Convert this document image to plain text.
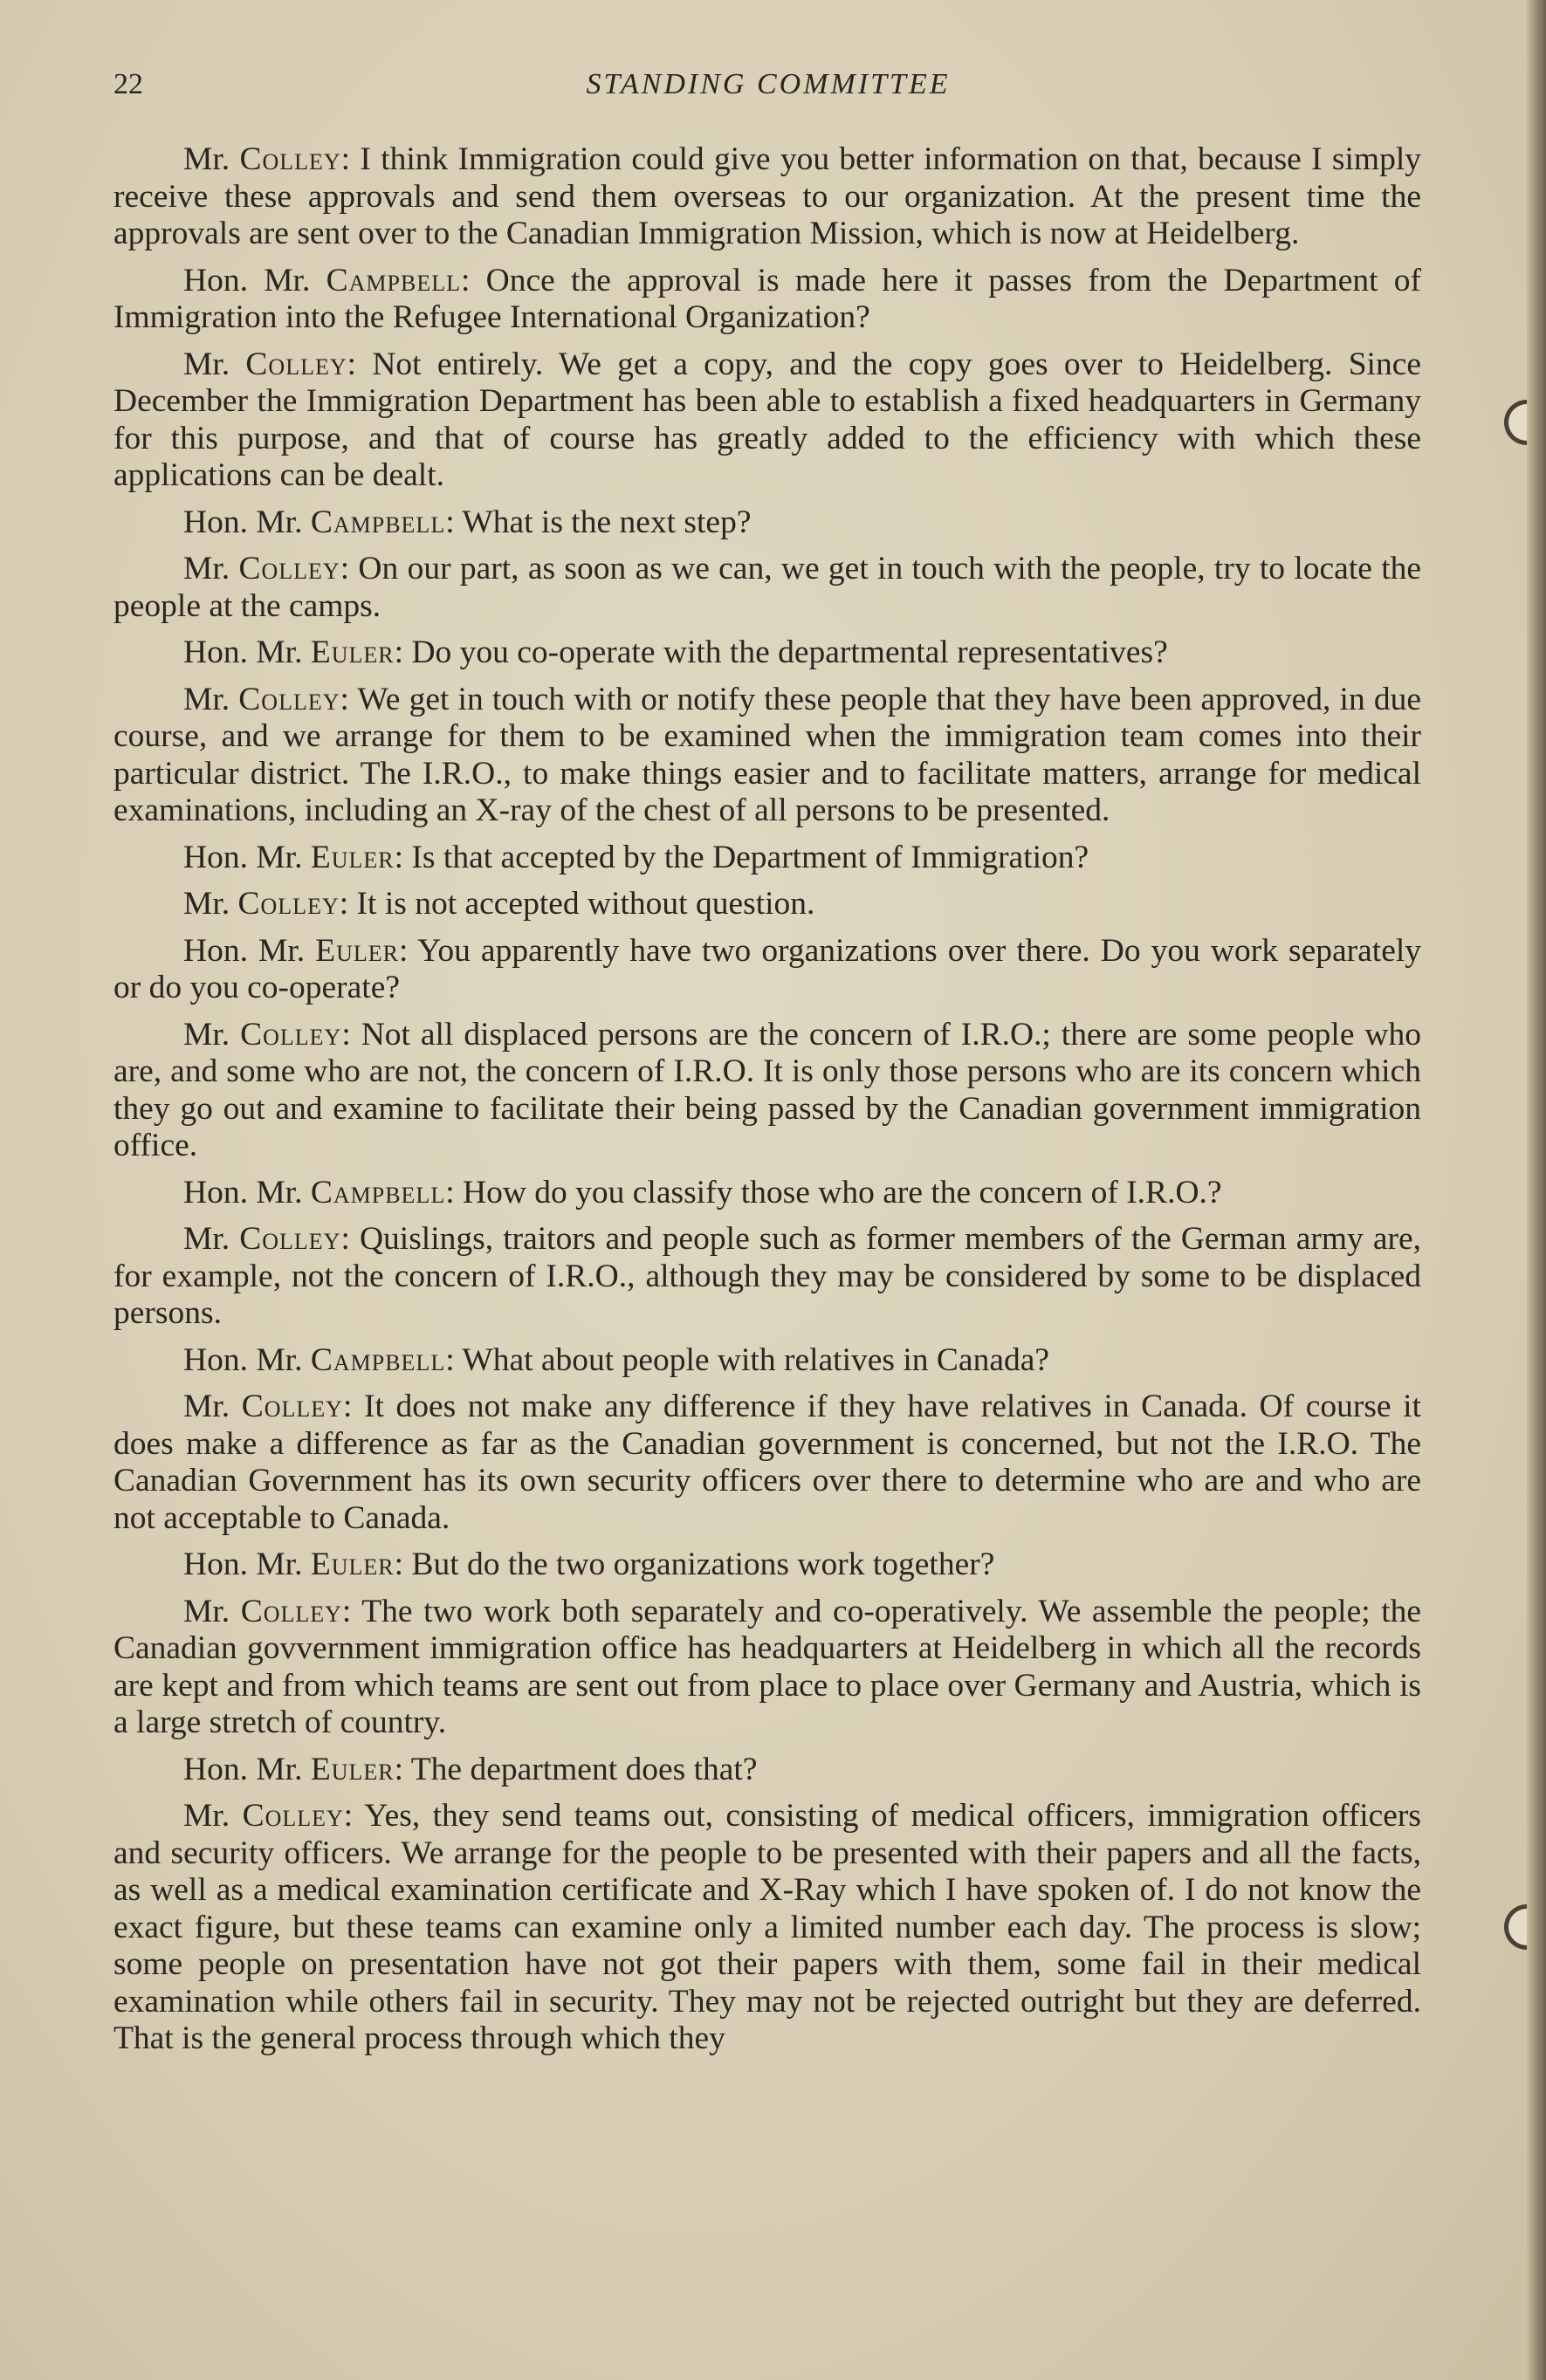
22	STANDING COMMITTEE

Mr. Colley: I think Immigration could give you better information on that, because I simply receive these approvals and send them overseas to our organization. At the present time the approvals are sent over to the Canadian Immigration Mission, which is now at Heidelberg.

Hon. Mr. Campbell: Once the approval is made here it passes from the Department of Immigration into the Refugee International Organization?

Mr. Colley: Not entirely. We get a copy, and the copy goes over to Heidelberg. Since December the Immigration Department has been able to establish a fixed headquarters in Germany for this purpose, and that of course has greatly added to the efficiency with which these applications can be dealt.

Hon. Mr. Campbell: What is the next step?

Mr. Colley: On our part, as soon as we can, we get in touch with the people, try to locate the people at the camps.

Hon. Mr. Euler: Do you co-operate with the departmental representatives?

Mr. Colley: We get in touch with or notify these people that they have been approved, in due course, and we arrange for them to be examined when the immigration team comes into their particular district. The I.R.O., to make things easier and to facilitate matters, arrange for medical examinations, including an X-ray of the chest of all persons to be presented.

Hon. Mr. Euler: Is that accepted by the Department of Immigration?

Mr. Colley: It is not accepted without question.

Hon. Mr. Euler: You apparently have two organizations over there. Do you work separately or do you co-operate?

Mr. Colley: Not all displaced persons are the concern of I.R.O.; there are some people who are, and some who are not, the concern of I.R.O. It is only those persons who are its concern which they go out and examine to facilitate their being passed by the Canadian government immigration office.

Hon. Mr. Campbell: How do you classify those who are the concern of I.R.O.?

Mr. Colley: Quislings, traitors and people such as former members of the German army are, for example, not the concern of I.R.O., although they may be considered by some to be displaced persons.

Hon. Mr. Campbell: What about people with relatives in Canada?

Mr. Colley: It does not make any difference if they have relatives in Canada. Of course it does make a difference as far as the Canadian government is concerned, but not the I.R.O. The Canadian Government has its own security officers over there to determine who are and who are not acceptable to Canada.

Hon. Mr. Euler: But do the two organizations work together?

Mr. Colley: The two work both separately and co-operatively. We assemble the people; the Canadian govvernment immigration office has headquarters at Heidelberg in which all the records are kept and from which teams are sent out from place to place over Germany and Austria, which is a large stretch of country.

Hon. Mr. Euler: The department does that?

Mr. Colley: Yes, they send teams out, consisting of medical officers, immigration officers and security officers. We arrange for the people to be presented with their papers and all the facts, as well as a medical examination certificate and X-Ray which I have spoken of. I do not know the exact figure, but these teams can examine only a limited number each day. The process is slow; some people on presentation have not got their papers with them, some fail in their medical examination while others fail in security. They may not be rejected outright but they are deferred. That is the general process through which they
